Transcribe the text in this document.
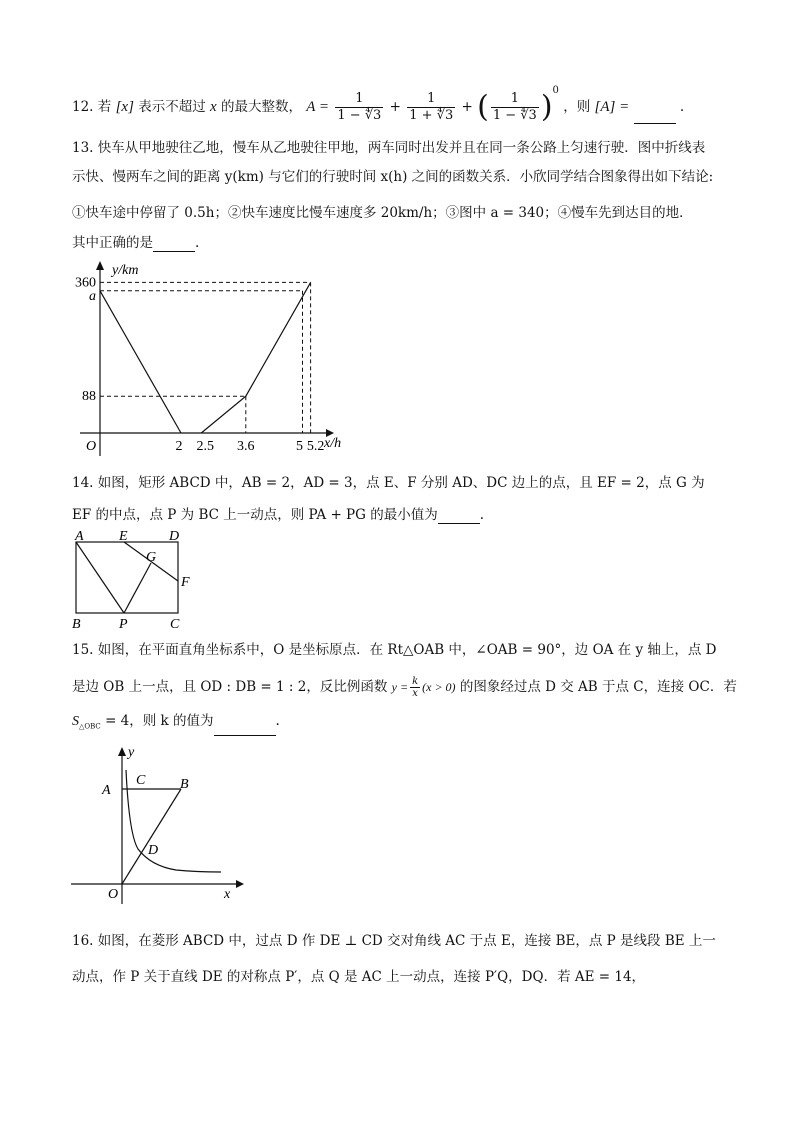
12. 若 [x] 表示不超过 x 的最大整数， $A = \frac{1}{1 - ∜3} + \frac{1}{1 + ∜3}$ + ( $\frac{1}{1 - ∜3} )^0$ ，则 [A] =	.
13. 快车从甲地驶往乙地，慢车从乙地驶往甲地，两车同时出发并且在同一条公路上匀速行驶．图中折线表
示快、慢两车之间的距离 y(km) 与它们的行驶时间 x(h) 之间的函数关系．小欣同学结合图象得出如下结论:
①快车途中停留了 0.5h；②快车速度比慢车速度多 20km/h；③图中 a = 340；④慢车先到达目的地．
其中正确的是	.
360
a
88
2 2.5 3.6	5 5.2
O
y/km
x/h
14. 如图，矩形 ABCD 中，AB = 2，AD = 3，点 E、F 分别 AD、DC 边上的点，且 EF = 2，点 G 为
EF 的中点，点 P 为 BC 上一动点，则 PA + PG 的最小值为	.
A	E	D
G
F
B	P	C
15. 如图，在平面直角坐标系中，O 是坐标原点．在 Rt△OAB 中，∠OAB = 90°，边 OA 在 y 轴上，点 D
是边 OB 上一点，且 OD : DB = 1 : 2，反比例函数 $y = \frac{k}{x} (x > 0)$ 的图象经过点 D 交 AB 于点 C，连接 OC．若
$S_{\triangle OBC} = 4$，则 k 的值为	.
y
A
C B
D
O	x
16. 如图，在菱形 ABCD 中，过点 D 作 DE ⊥ CD 交对角线 AC 于点 E，连接 BE，点 P 是线段 BE 上一
动点，作 P 关于直线 DE 的对称点 P′，点 Q 是 AC 上一动点，连接 P′Q，DQ．若 AE = 14，
